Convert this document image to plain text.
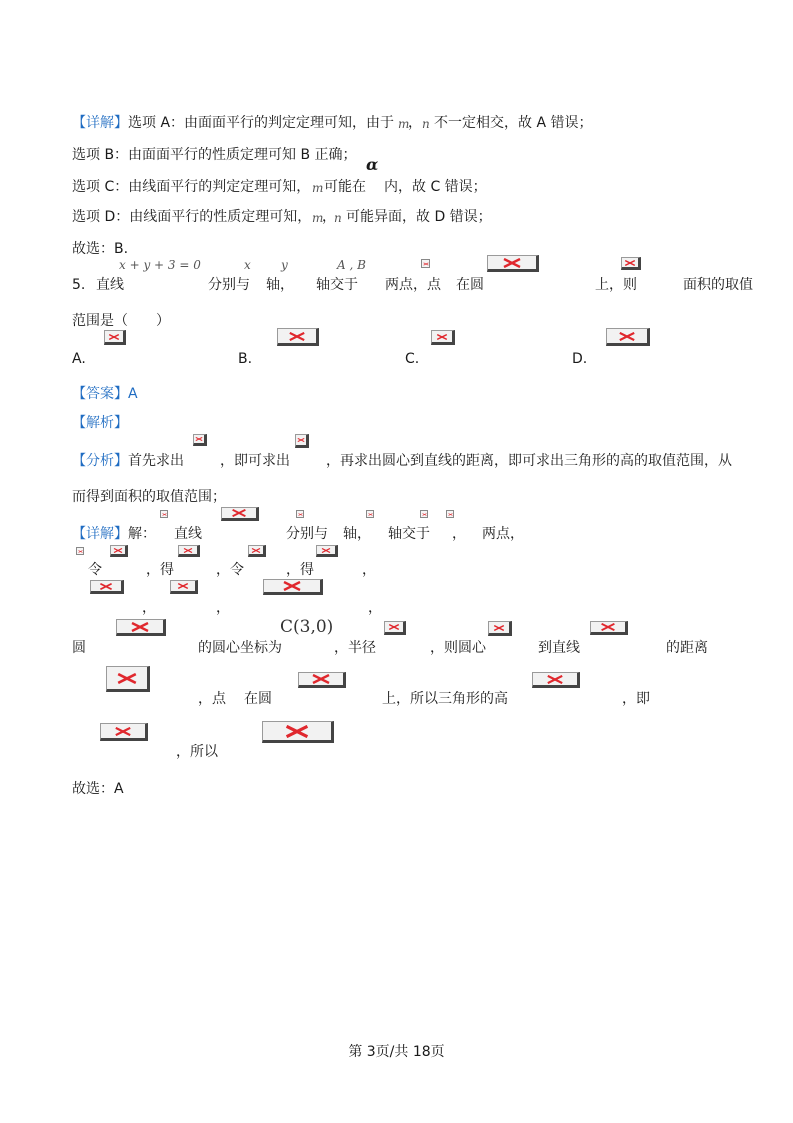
【详解】选项 A：由面面平行的判定定理可知，由于 m
， n 不一定相交，故 A 错误；
选项 B：由面面平行的性质定理可知 B 正确； α
选项 C：由线面平行的判定定理可知， m 可能在 内，故 C 错误；
选项 D：由线面平行的性质定理可知， m
，
n 可能异面，故 D 错误；
故选：B.
x + y + 3 = 0	x	y	A , B
5. 直线	分别与 轴， 轴交于 两点，点 在圆	上，则	面积的取值
范围是（　　）
A.	B.	C.	D.
【答案】A
【解析】
【分析】首先求出	，即可求出	，再求出圆心到直线的距离，即可求出三角形的高的取值范围，从
而得到面积的取值范围；
【详解】解： 直线	分别与 轴， 轴交于 ， 两点，
令	，得	，令	，得	，
，	，	，
C(3,0)
圆	的圆心坐标为	，半径	，则圆心	到直线	的距离
，点 在圆	上，所以三角形的高	，即
，所以
故选：A
第 3页/共 18页
